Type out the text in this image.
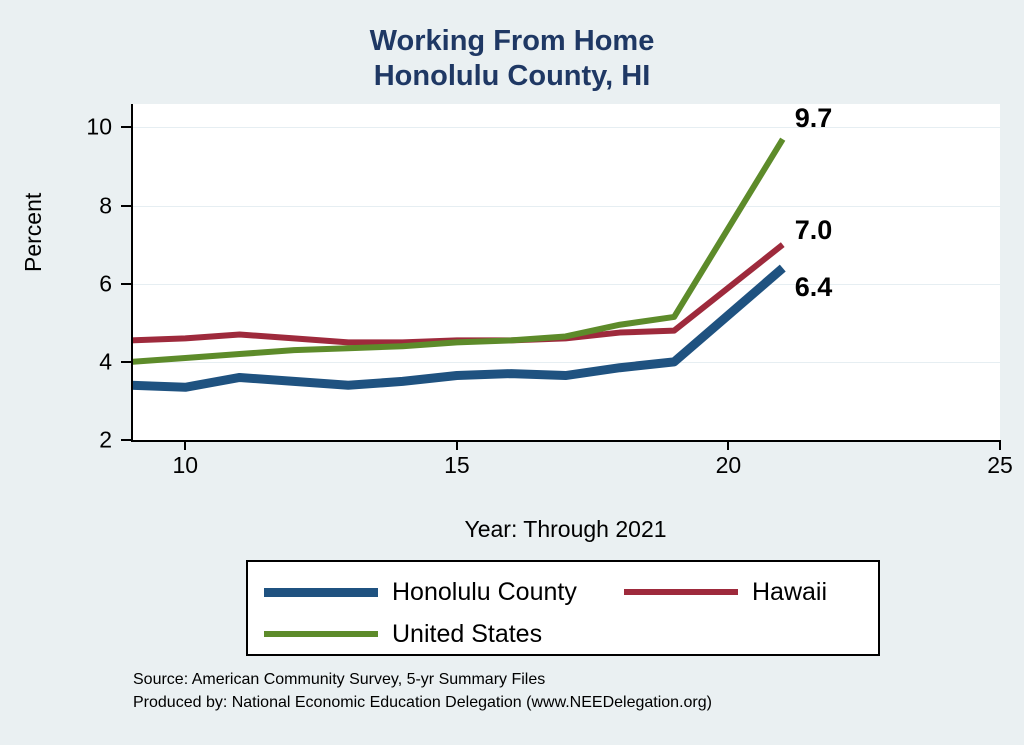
Working From Home
Honolulu County, HI
2
4
6
8
10
10	15	20	25
Percent
Year: Through 2021
6.4
7.0
9.7
Honolulu County	Hawaii
United States
Source: American Community Survey, 5-yr Summary Files
Produced by: National Economic Education Delegation (www.NEEDelegation.org)
